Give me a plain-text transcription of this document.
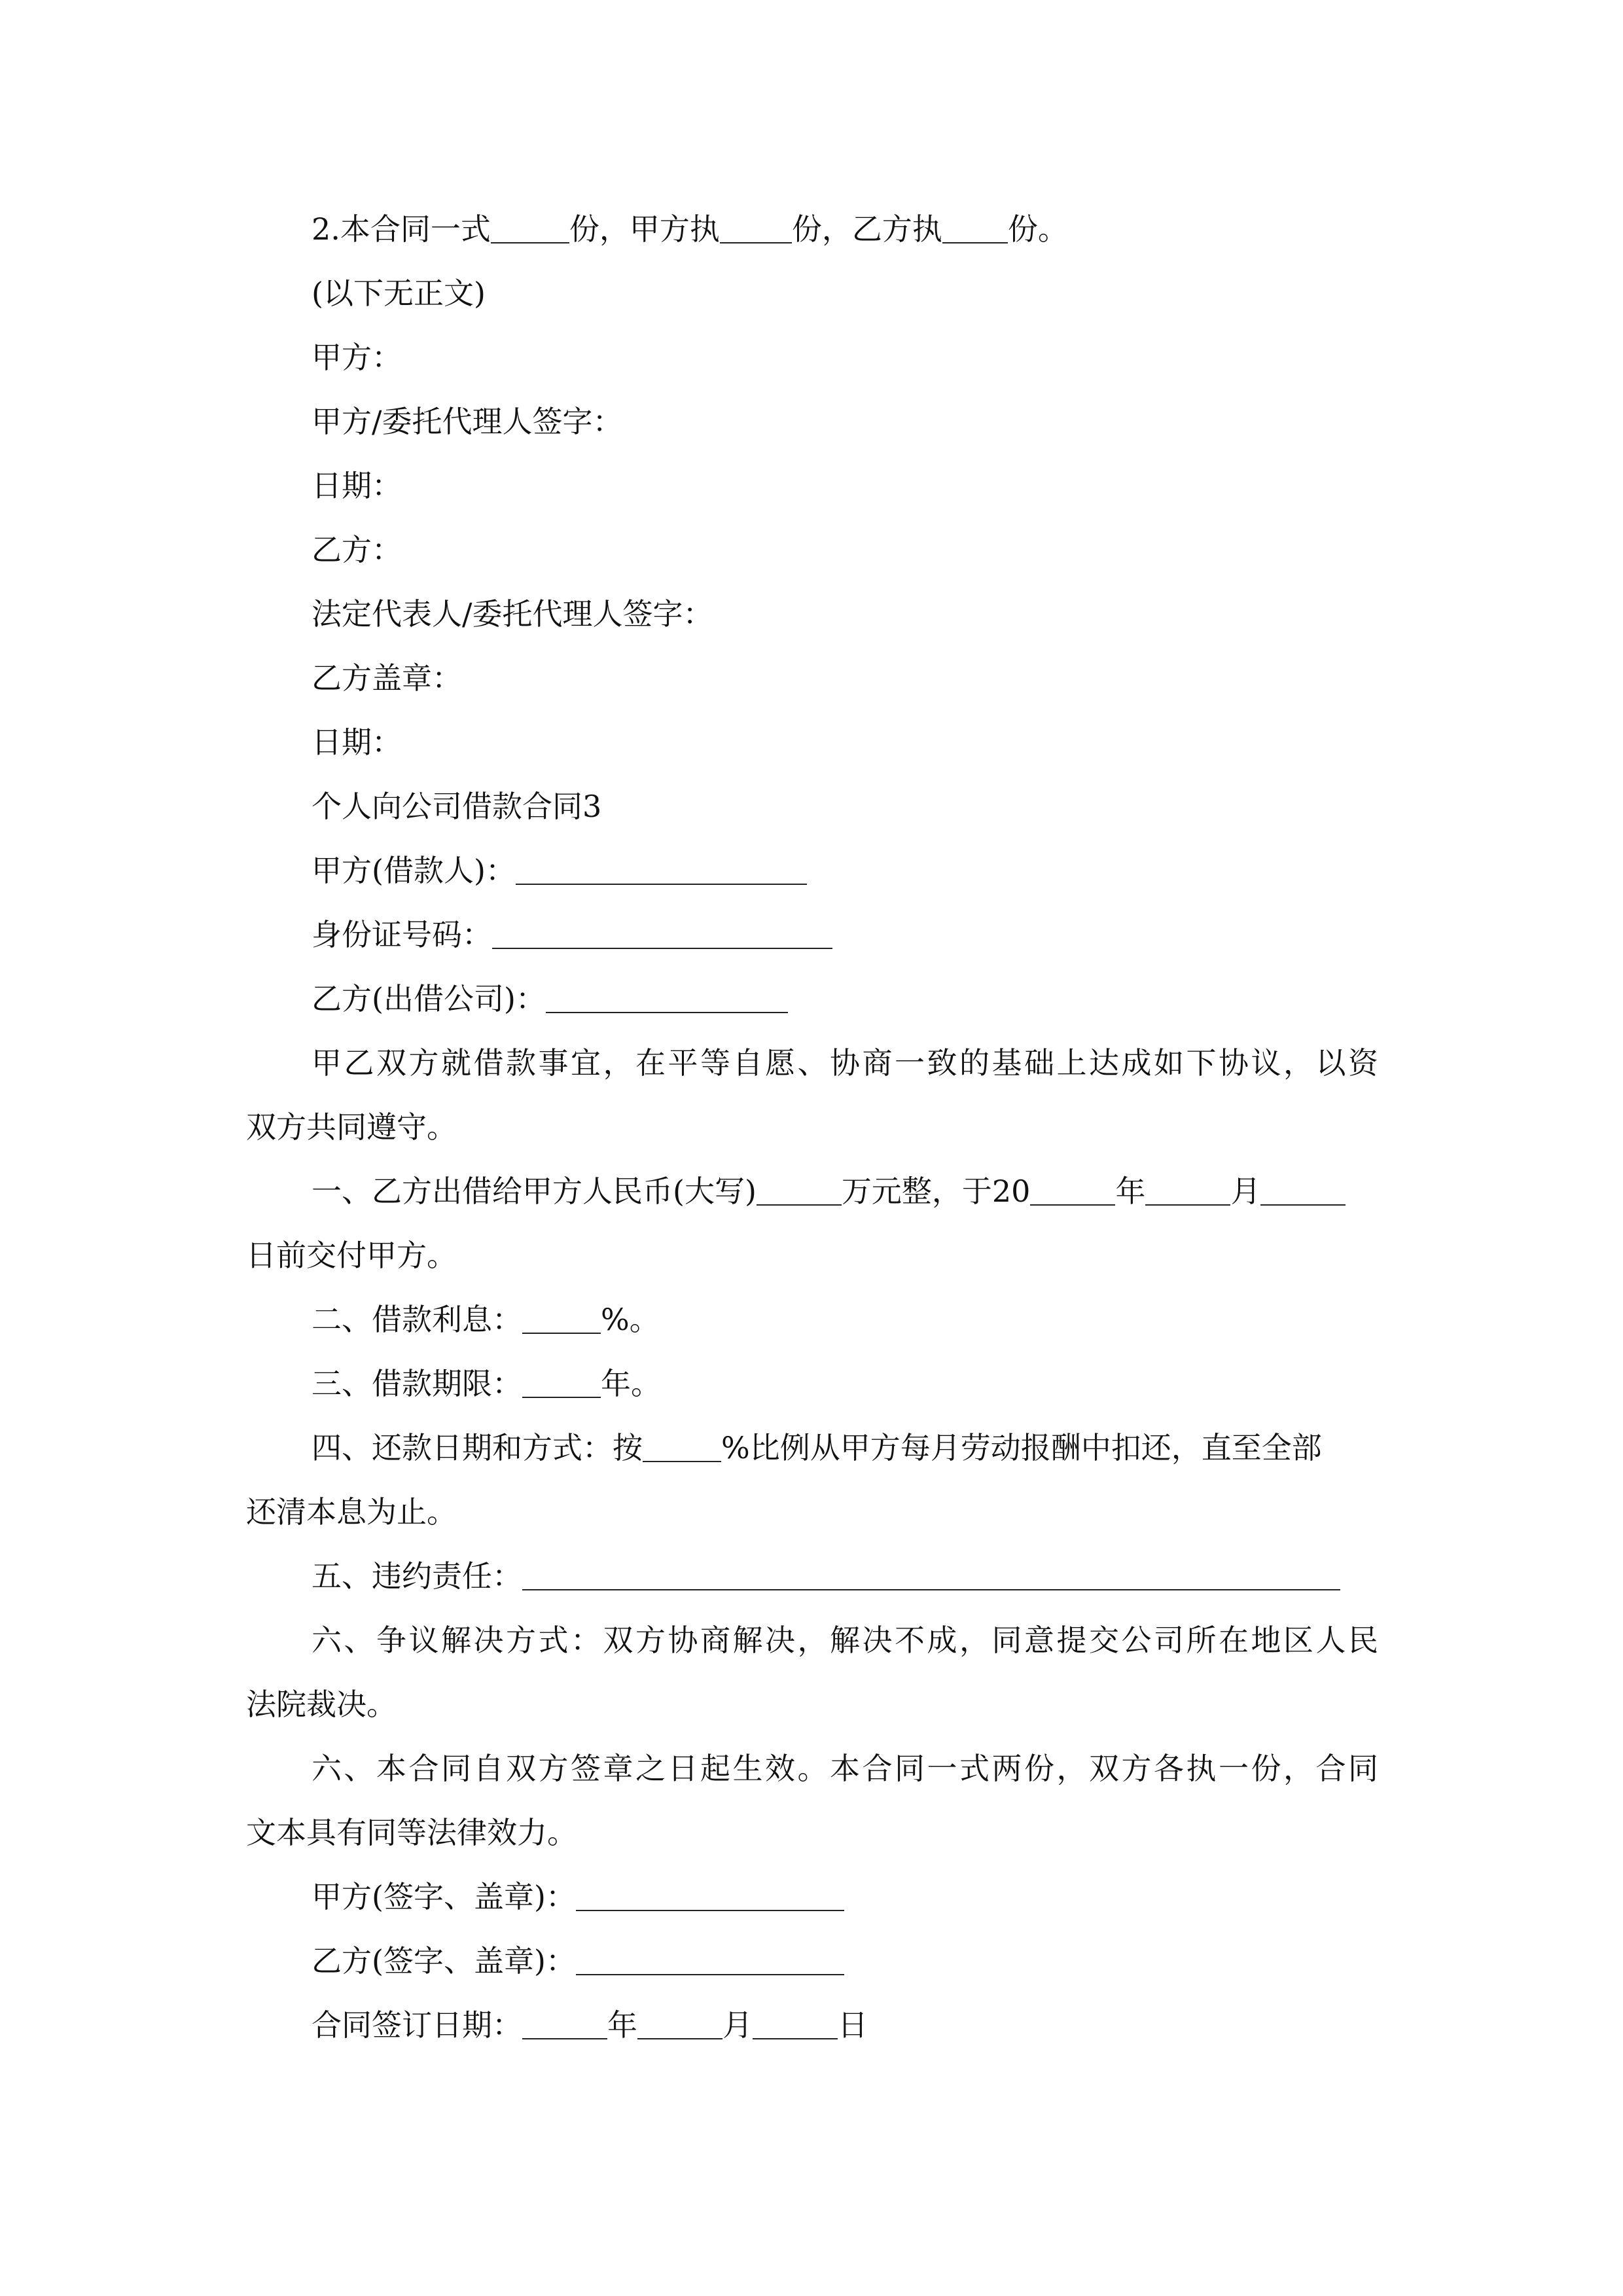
2.本合同一式	份，甲方执 份，乙方执 份。
(以下无正文)
甲方：
甲方/委托代理人签字：
日期：
乙方：
法定代表人/委托代理人签字：
乙方盖章：
日期：
个人向公司借款合同3
甲方(借款人)：
身份证号码：
乙方(出借公司)：
甲乙双方就借款事宜，在平等自愿、协商一致的基础上达成如下协议，以资
双方共同遵守。
一、乙方出借给甲方人民币(大写)	万元整，于20	年	月
日前交付甲方。
二、借款利息：	%。
三、借款期限：	年。
四、还款日期和方式：按	%比例从甲方每月劳动报酬中扣还，直至全部
还清本息为止。
五、违约责任：
六、争议解决方式：双方协商解决，解决不成，同意提交公司所在地区人民
法院裁决。
六、本合同自双方签章之日起生效。本合同一式两份，双方各执一份，合同
文本具有同等法律效力。
甲方(签字、盖章)：
乙方(签字、盖章)：
合同签订日期：	年	月	日
